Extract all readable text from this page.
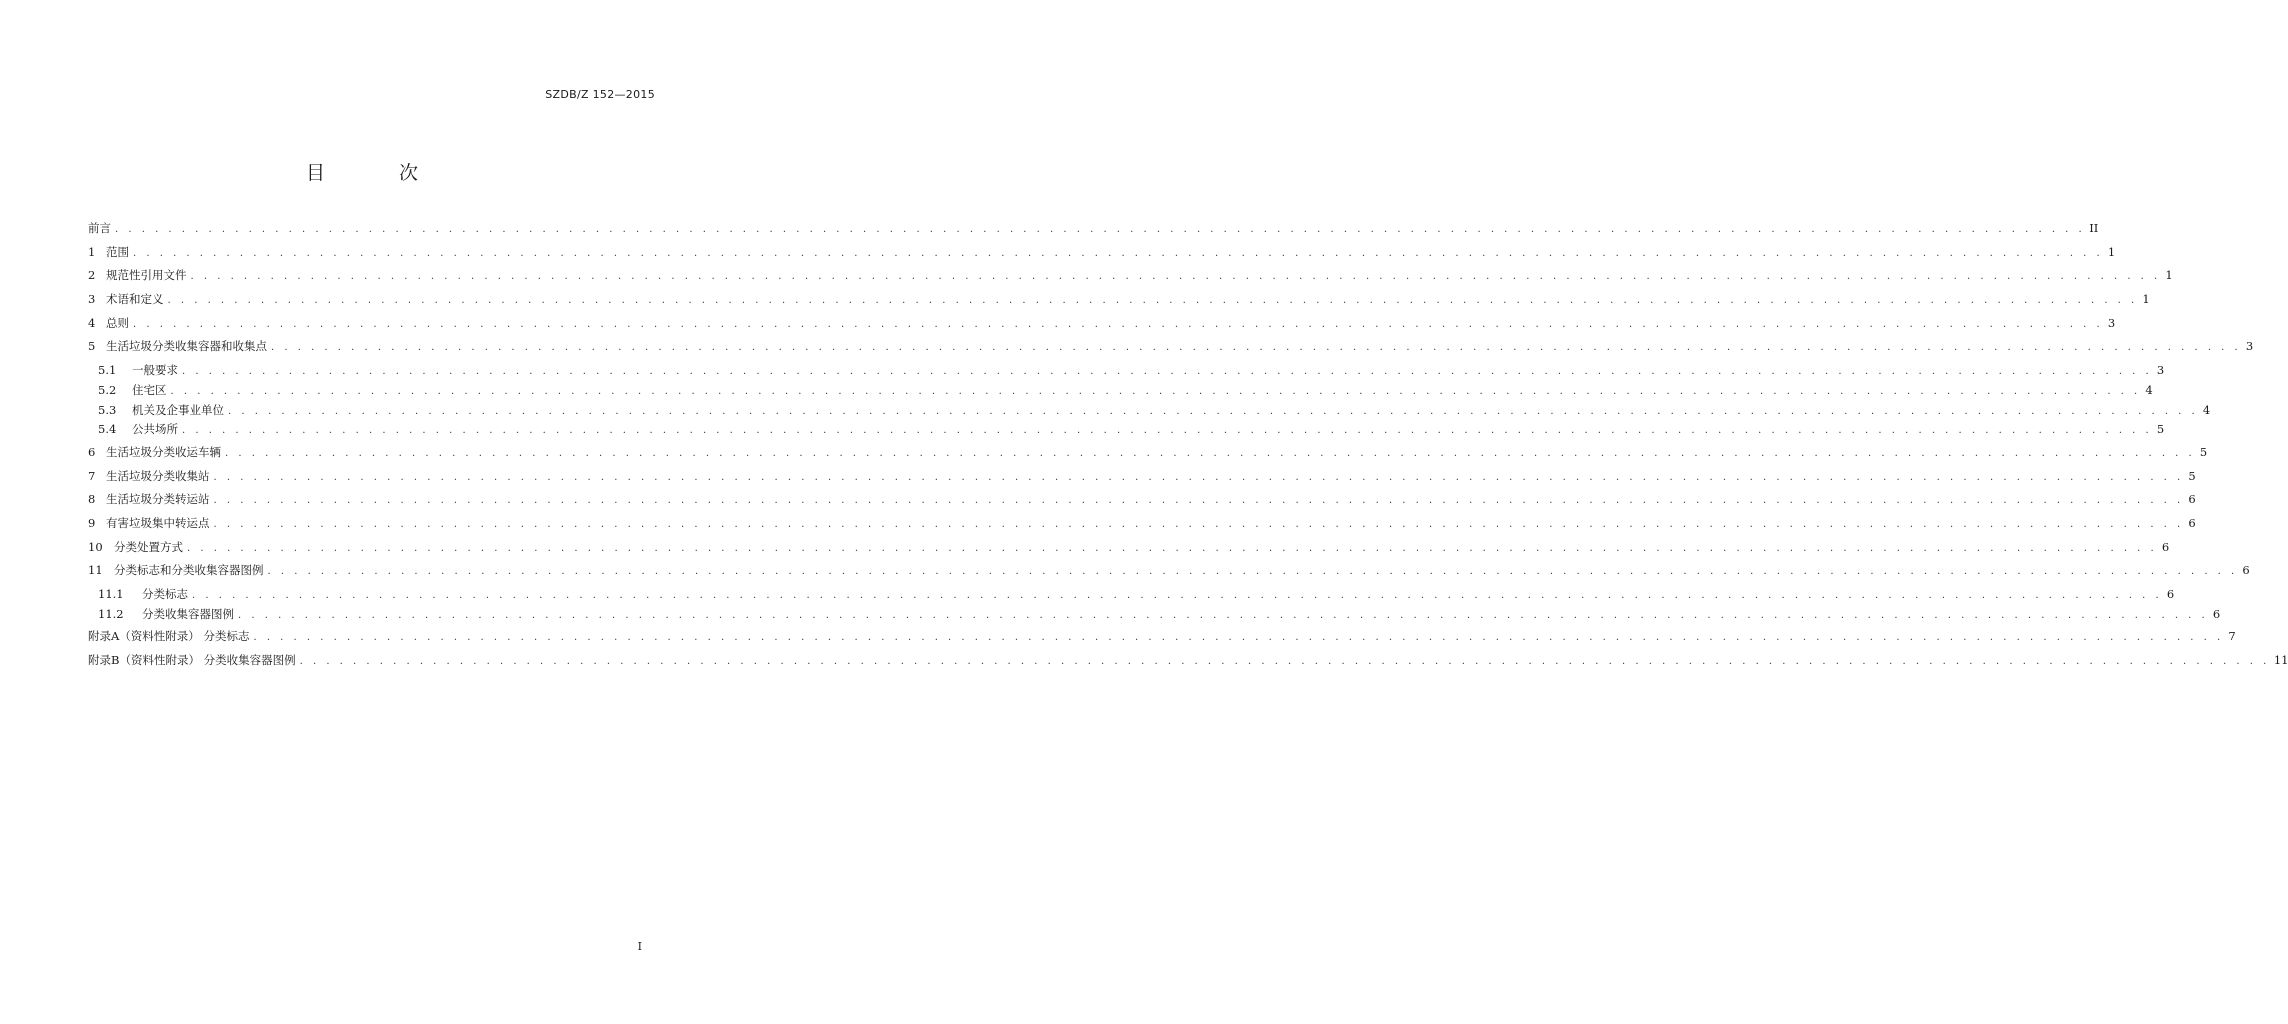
SZDB/Z 152—2015
目 次
前言 . . . . . . . . . . . . . . . . . . . . . . . . . . . . . . . . . . . . . . . . . . . . . . . . . . . . . . . . . . . . . . . . . . . . . . . . . . . . . . . . . . . . . . . . . . . . . . . . . . . . . . . . . . . . . . . . . . . . . . . . . . . . . . . . . . . . . . . . . . . . . . . . . . . . II
1 范围 . . . . . . . . . . . . . . . . . . . . . . . . . . . . . . . . . . . . . . . . . . . . . . . . . . . . . . . . . . . . . . . . . . . . . . . . . . . . . . . . . . . . . . . . . . . . . . . . . . . . . . . . . . . . . . . . . . . . . . . . . . . . . . . . . . . . . . . . . . . . . . . . . . . . 1
2 规范性引用文件 . . . . . . . . . . . . . . . . . . . . . . . . . . . . . . . . . . . . . . . . . . . . . . . . . . . . . . . . . . . . . . . . . . . . . . . . . . . . . . . . . . . . . . . . . . . . . . . . . . . . . . . . . . . . . . . . . . . . . . . . . . . . . . . . . . . . . . . . . . . . . . . . . . . . 1
3 术语和定义 . . . . . . . . . . . . . . . . . . . . . . . . . . . . . . . . . . . . . . . . . . . . . . . . . . . . . . . . . . . . . . . . . . . . . . . . . . . . . . . . . . . . . . . . . . . . . . . . . . . . . . . . . . . . . . . . . . . . . . . . . . . . . . . . . . . . . . . . . . . . . . . . . . . . 1
4 总则 . . . . . . . . . . . . . . . . . . . . . . . . . . . . . . . . . . . . . . . . . . . . . . . . . . . . . . . . . . . . . . . . . . . . . . . . . . . . . . . . . . . . . . . . . . . . . . . . . . . . . . . . . . . . . . . . . . . . . . . . . . . . . . . . . . . . . . . . . . . . . . . . . . . . 3
5 生活垃圾分类收集容器和收集点 . . . . . . . . . . . . . . . . . . . . . . . . . . . . . . . . . . . . . . . . . . . . . . . . . . . . . . . . . . . . . . . . . . . . . . . . . . . . . . . . . . . . . . . . . . . . . . . . . . . . . . . . . . . . . . . . . . . . . . . . . . . . . . . . . . . . . . . . . . . . . . . . . . . . 3
5.1	一般要求 . . . . . . . . . . . . . . . . . . . . . . . . . . . . . . . . . . . . . . . . . . . . . . . . . . . . . . . . . . . . . . . . . . . . . . . . . . . . . . . . . . . . . . . . . . . . . . . . . . . . . . . . . . . . . . . . . . . . . . . . . . . . . . . . . . . . . . . . . . . . . . . . . . . . 3
5.2	住宅区 . . . . . . . . . . . . . . . . . . . . . . . . . . . . . . . . . . . . . . . . . . . . . . . . . . . . . . . . . . . . . . . . . . . . . . . . . . . . . . . . . . . . . . . . . . . . . . . . . . . . . . . . . . . . . . . . . . . . . . . . . . . . . . . . . . . . . . . . . . . . . . . . . . . . 4
5.3	机关及企事业单位 . . . . . . . . . . . . . . . . . . . . . . . . . . . . . . . . . . . . . . . . . . . . . . . . . . . . . . . . . . . . . . . . . . . . . . . . . . . . . . . . . . . . . . . . . . . . . . . . . . . . . . . . . . . . . . . . . . . . . . . . . . . . . . . . . . . . . . . . . . . . . . . . . . . . 4
5.4	公共场所 . . . . . . . . . . . . . . . . . . . . . . . . . . . . . . . . . . . . . . . . . . . . . . . . . . . . . . . . . . . . . . . . . . . . . . . . . . . . . . . . . . . . . . . . . . . . . . . . . . . . . . . . . . . . . . . . . . . . . . . . . . . . . . . . . . . . . . . . . . . . . . . . . . . . 5
6 生活垃圾分类收运车辆 . . . . . . . . . . . . . . . . . . . . . . . . . . . . . . . . . . . . . . . . . . . . . . . . . . . . . . . . . . . . . . . . . . . . . . . . . . . . . . . . . . . . . . . . . . . . . . . . . . . . . . . . . . . . . . . . . . . . . . . . . . . . . . . . . . . . . . . . . . . . . . . . . . . . 5
7 生活垃圾分类收集站 . . . . . . . . . . . . . . . . . . . . . . . . . . . . . . . . . . . . . . . . . . . . . . . . . . . . . . . . . . . . . . . . . . . . . . . . . . . . . . . . . . . . . . . . . . . . . . . . . . . . . . . . . . . . . . . . . . . . . . . . . . . . . . . . . . . . . . . . . . . . . . . . . . . . 5
8 生活垃圾分类转运站 . . . . . . . . . . . . . . . . . . . . . . . . . . . . . . . . . . . . . . . . . . . . . . . . . . . . . . . . . . . . . . . . . . . . . . . . . . . . . . . . . . . . . . . . . . . . . . . . . . . . . . . . . . . . . . . . . . . . . . . . . . . . . . . . . . . . . . . . . . . . . . . . . . . . 6
9 有害垃圾集中转运点 . . . . . . . . . . . . . . . . . . . . . . . . . . . . . . . . . . . . . . . . . . . . . . . . . . . . . . . . . . . . . . . . . . . . . . . . . . . . . . . . . . . . . . . . . . . . . . . . . . . . . . . . . . . . . . . . . . . . . . . . . . . . . . . . . . . . . . . . . . . . . . . . . . . . 6
10 分类处置方式 . . . . . . . . . . . . . . . . . . . . . . . . . . . . . . . . . . . . . . . . . . . . . . . . . . . . . . . . . . . . . . . . . . . . . . . . . . . . . . . . . . . . . . . . . . . . . . . . . . . . . . . . . . . . . . . . . . . . . . . . . . . . . . . . . . . . . . . . . . . . . . . . . . . . 6
11 分类标志和分类收集容器图例 . . . . . . . . . . . . . . . . . . . . . . . . . . . . . . . . . . . . . . . . . . . . . . . . . . . . . . . . . . . . . . . . . . . . . . . . . . . . . . . . . . . . . . . . . . . . . . . . . . . . . . . . . . . . . . . . . . . . . . . . . . . . . . . . . . . . . . . . . . . . . . . . . . . . 6
11.1	分类标志 . . . . . . . . . . . . . . . . . . . . . . . . . . . . . . . . . . . . . . . . . . . . . . . . . . . . . . . . . . . . . . . . . . . . . . . . . . . . . . . . . . . . . . . . . . . . . . . . . . . . . . . . . . . . . . . . . . . . . . . . . . . . . . . . . . . . . . . . . . . . . . . . . . . . 6
11.2	分类收集容器图例 . . . . . . . . . . . . . . . . . . . . . . . . . . . . . . . . . . . . . . . . . . . . . . . . . . . . . . . . . . . . . . . . . . . . . . . . . . . . . . . . . . . . . . . . . . . . . . . . . . . . . . . . . . . . . . . . . . . . . . . . . . . . . . . . . . . . . . . . . . . . . . . . . . . . 6
附录A（资料性附录） 分类标志 . . . . . . . . . . . . . . . . . . . . . . . . . . . . . . . . . . . . . . . . . . . . . . . . . . . . . . . . . . . . . . . . . . . . . . . . . . . . . . . . . . . . . . . . . . . . . . . . . . . . . . . . . . . . . . . . . . . . . . . . . . . . . . . . . . . . . . . . . . . . . . . . . . . . 7
附录B（资料性附录） 分类收集容器图例 . . . . . . . . . . . . . . . . . . . . . . . . . . . . . . . . . . . . . . . . . . . . . . . . . . . . . . . . . . . . . . . . . . . . . . . . . . . . . . . . . . . . . . . . . . . . . . . . . . . . . . . . . . . . . . . . . . . . . . . . . . . . . . . . . . . . . . . . . . . . . . . . . . . . 11
I
